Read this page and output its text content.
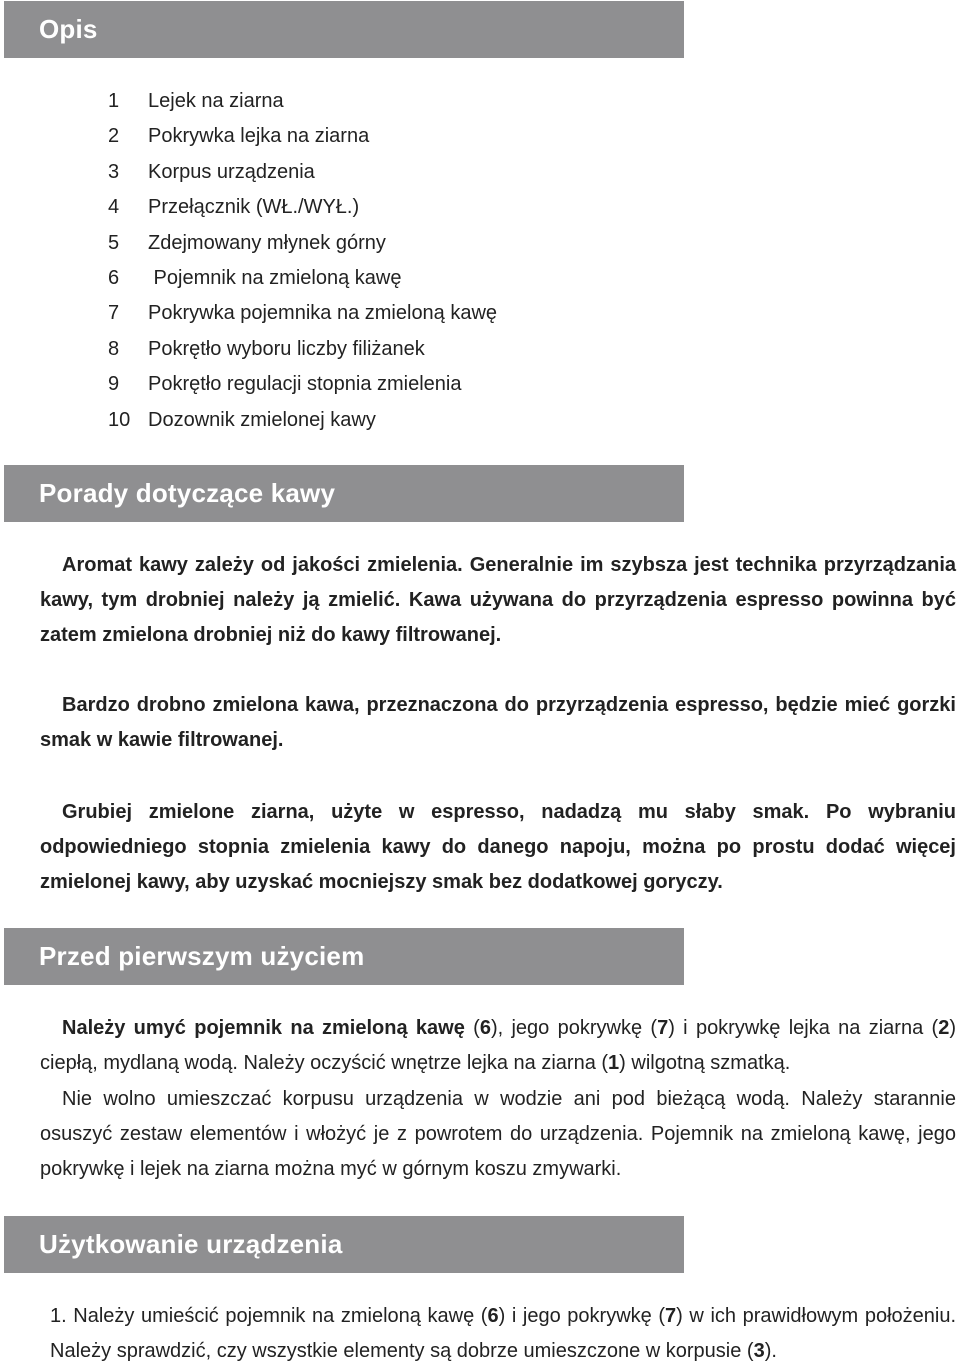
Opis
1 Lejek na ziarna
2 Pokrywka lejka na ziarna
3 Korpus urządzenia
4 Przełącznik (WŁ./WYŁ.)
5 Zdejmowany młynek górny
6 Pojemnik na zmieloną kawę
7 Pokrywka pojemnika na zmieloną kawę
8 Pokrętło wyboru liczby filiżanek
9 Pokrętło regulacji stopnia zmielenia
10 Dozownik zmielonej kawy
Porady dotyczące kawy

Aromat kawy zależy od jakości zmielenia. Generalnie im szybsza jest technika przyrządzania kawy, tym drobniej należy ją zmielić. Kawa używana do przyrządzenia espresso powinna być zatem zmielona drobniej niż do kawy filtrowanej.

Bardzo drobno zmielona kawa, przeznaczona do przyrządzenia espresso, będzie mieć gorzki smak w kawie filtrowanej.

Grubiej zmielone ziarna, użyte w espresso, nadadzą mu słaby smak. Po wybraniu odpowiedniego stopnia zmielenia kawy do danego napoju, można po prostu dodać więcej zmielonej kawy, aby uzyskać mocniejszy smak bez dodatkowej goryczy.

Przed pierwszym użyciem

Należy umyć pojemnik na zmieloną kawę (6), jego pokrywkę (7) i pokrywkę lejka na ziarna (2) ciepłą, mydlaną wodą. Należy oczyścić wnętrze lejka na ziarna (1) wilgotną szmatką.

Nie wolno umieszczać korpusu urządzenia w wodzie ani pod bieżącą wodą. Należy starannie osuszyć zestaw elementów i włożyć je z powrotem do urządzenia. Pojemnik na zmieloną kawę, jego pokrywkę i lejek na ziarna można myć w górnym koszu zmywarki.

Użytkowanie urządzenia

1. Należy umieścić pojemnik na zmieloną kawę (6) i jego pokrywkę (7) w ich prawidłowym położeniu. Należy sprawdzić, czy wszystkie elementy są dobrze umieszczone w korpusie (3).
